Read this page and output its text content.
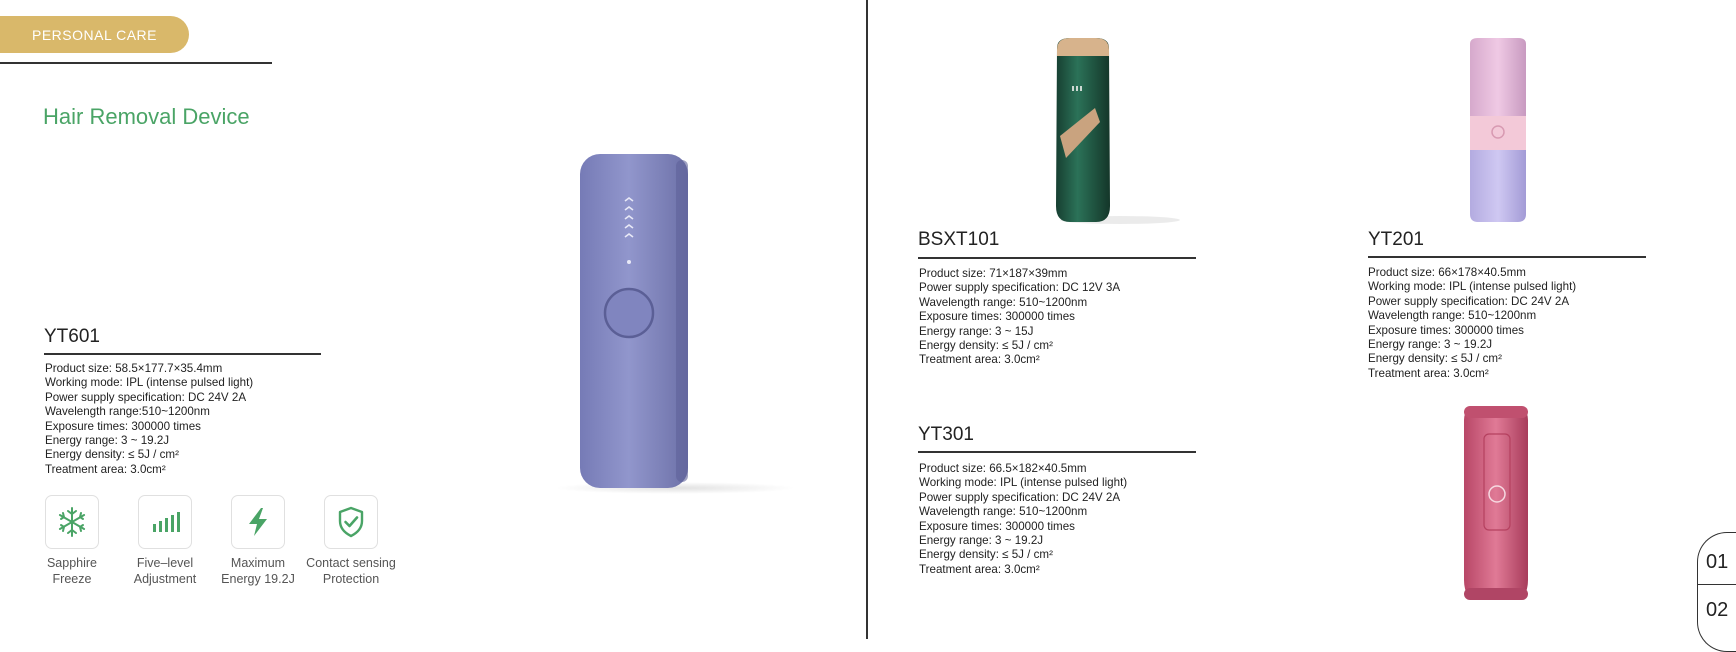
PERSONAL CARE
Hair Removal Device
YT601
Product size: 58.5×177.7×35.4mm
Working mode: IPL (intense pulsed light)
Power supply specification: DC 24V 2A
Wavelength range:510~1200nm
Exposure times: 300000 times
Energy range: 3 ~ 19.2J
Energy density: ≤ 5J / cm²
Treatment area: 3.0cm²
Sapphire
Freeze
Five–level
Adjustment
Maximum
Energy 19.2J
Contact sensing
Protection
BSXT101
Product size: 71×187×39mm
Power supply specification: DC 12V 3A
Wavelength range: 510~1200nm
Exposure times: 300000 times
Energy range: 3 ~ 15J
Energy density: ≤ 5J / cm²
Treatment area: 3.0cm²
YT201
Product size: 66×178×40.5mm
Working mode: IPL (intense pulsed light)
Power supply specification: DC 24V 2A
Wavelength range: 510~1200nm
Exposure times: 300000 times
Energy range: 3 ~ 19.2J
Energy density: ≤ 5J / cm²
Treatment area: 3.0cm²
YT301
Product size: 66.5×182×40.5mm
Working mode: IPL (intense pulsed light)
Power supply specification: DC 24V 2A
Wavelength range: 510~1200nm
Exposure times: 300000 times
Energy range: 3 ~ 19.2J
Energy density: ≤ 5J / cm²
Treatment area: 3.0cm²	01
02
